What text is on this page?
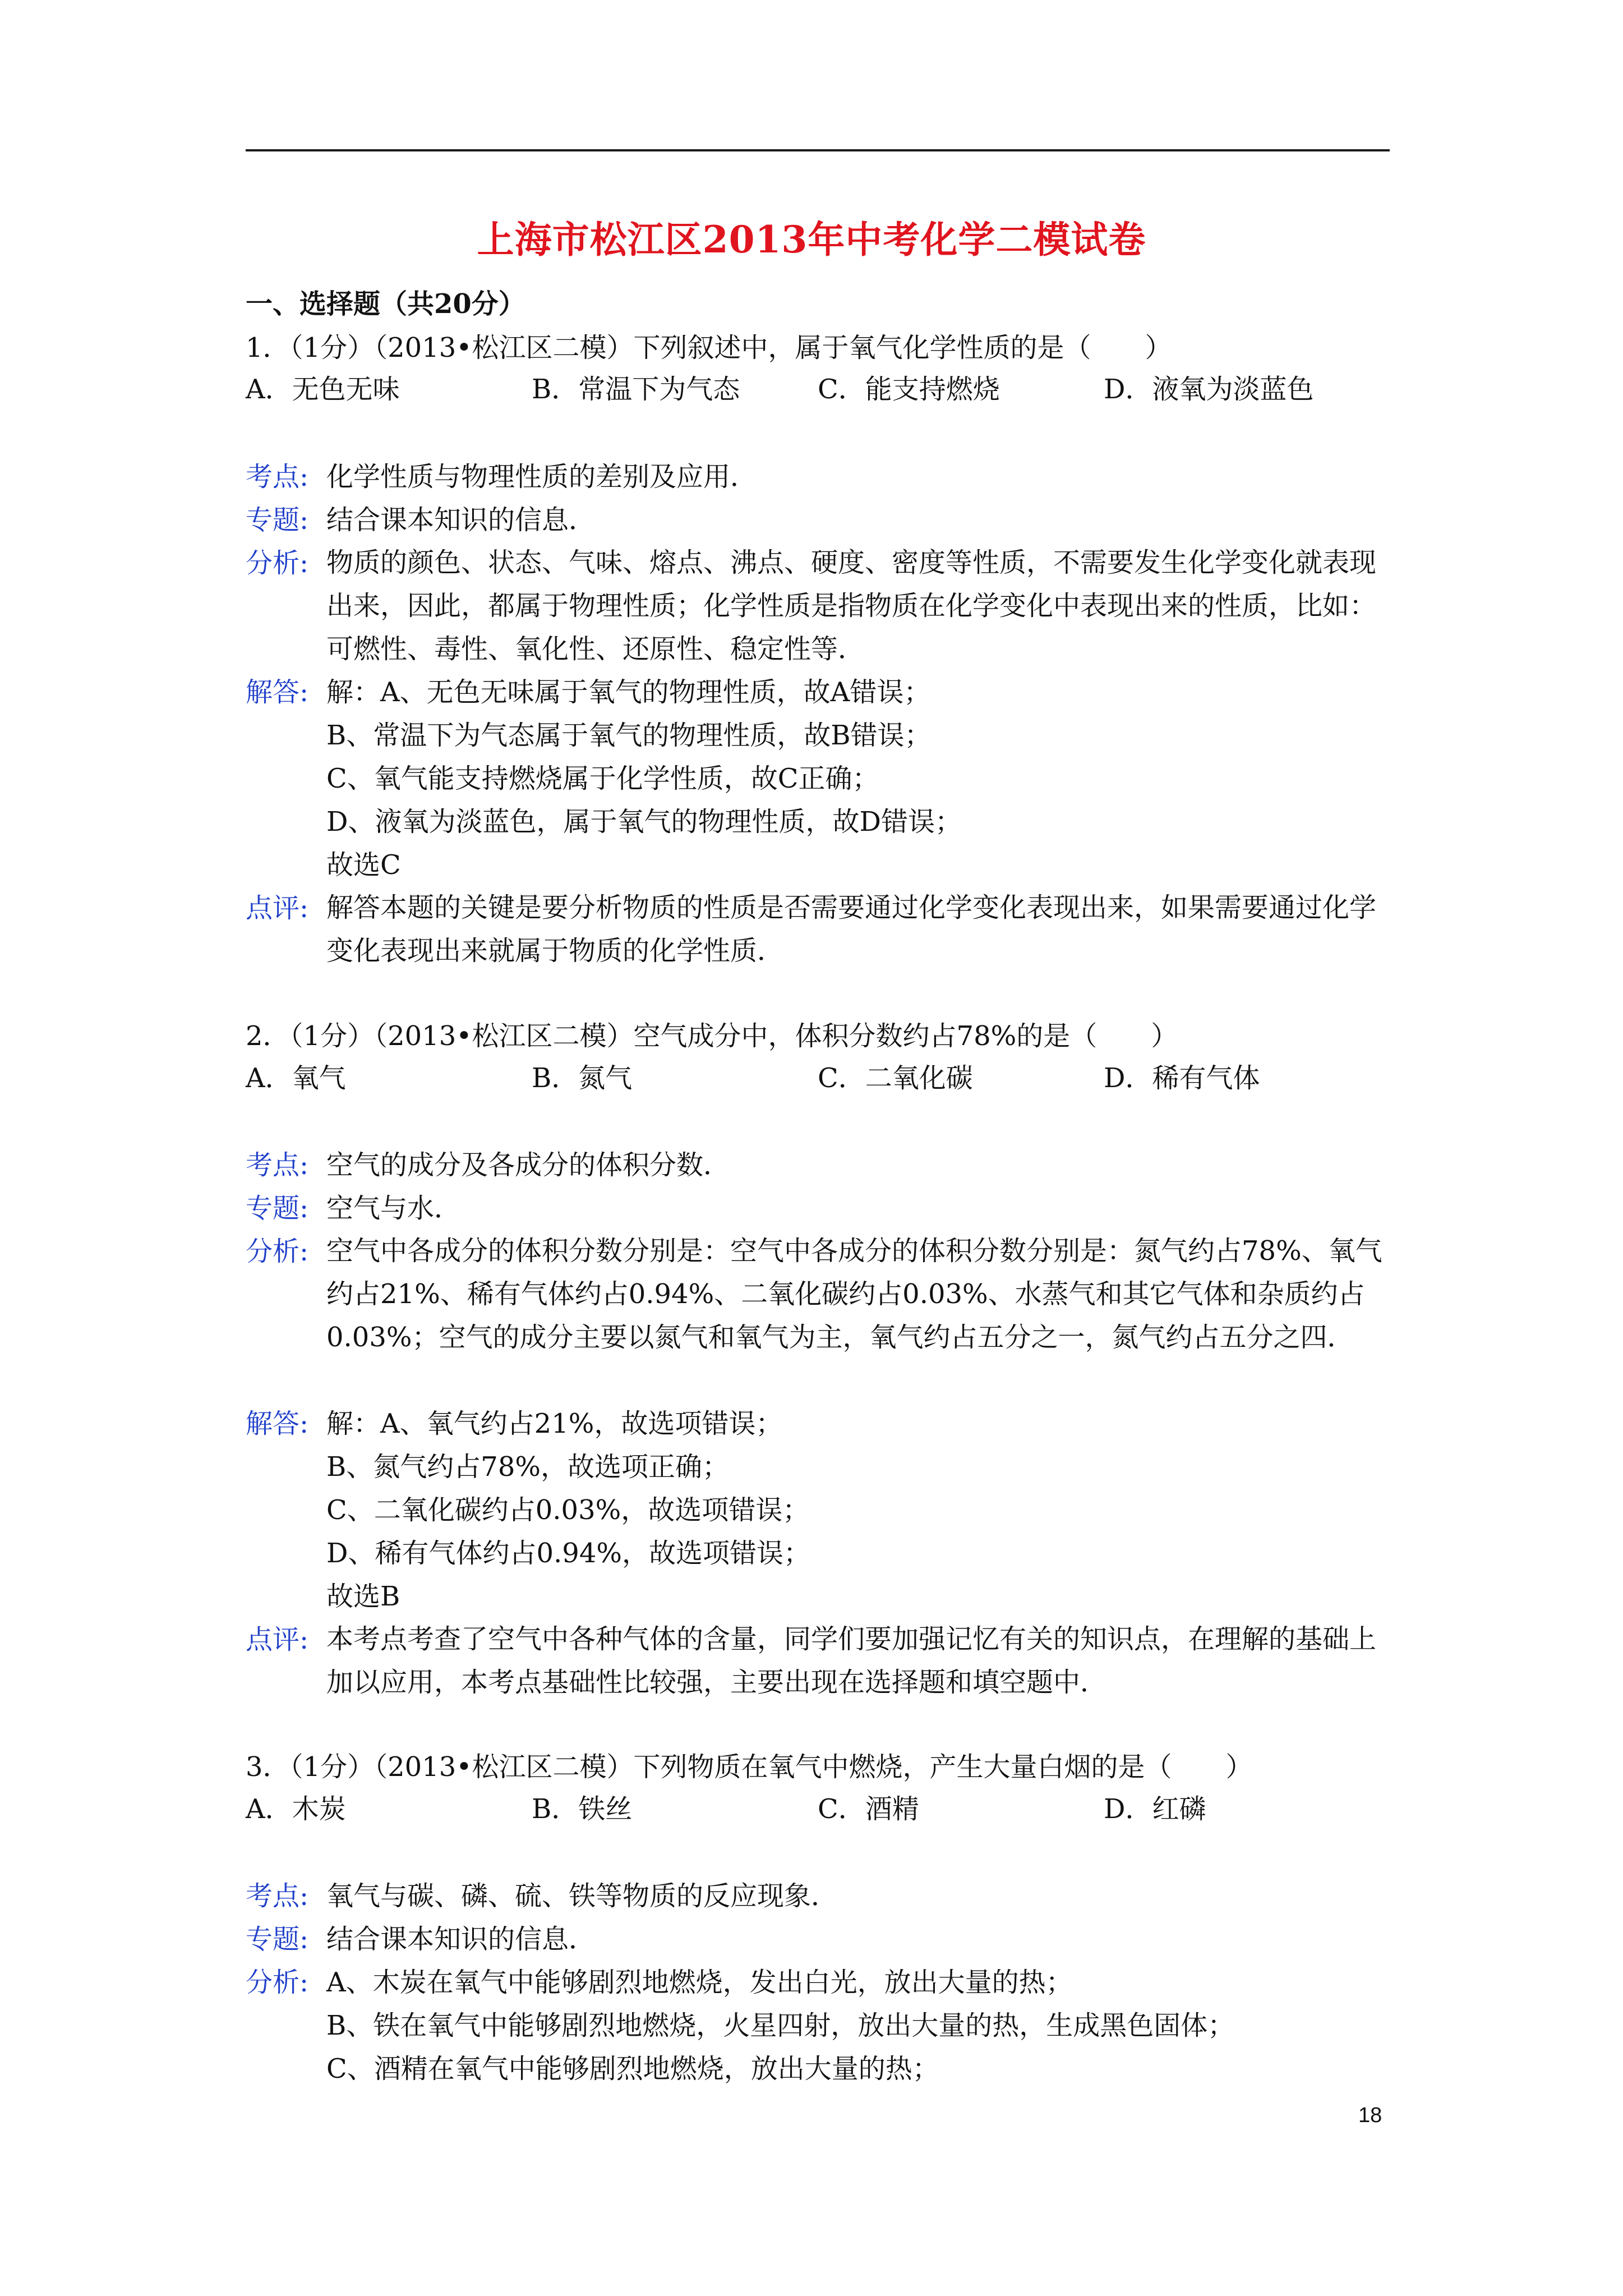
上海市松江区2013年中考化学二模试卷
一、选择题（共20分）
1．（1分）（2013•松江区二模）下列叙述中，属于氧气化学性质的是（　　）
A．无色无味	B．常温下为气态	C．能支持燃烧	D．液氧为淡蓝色
考点: 化学性质与物理性质的差别及应用．
专题: 结合课本知识的信息．
分析: 物质的颜色、状态、气味、熔点、沸点、硬度、密度等性质，不需要发生化学变化就表现出来，因此，都属于物理性质；化学性质是指物质在化学变化中表现出来的性质，比如：可燃性、毒性、氧化性、还原性、稳定性等．
解答: 解：A、无色无味属于氧气的物理性质，故A错误；
B、常温下为气态属于氧气的物理性质，故B错误；
C、氧气能支持燃烧属于化学性质，故C正确；
D、液氧为淡蓝色，属于氧气的物理性质，故D错误；
故选C
点评: 解答本题的关键是要分析物质的性质是否需要通过化学变化表现出来，如果需要通过化学变化表现出来就属于物质的化学性质．
2．（1分）（2013•松江区二模）空气成分中，体积分数约占78%的是（　　）
A．氧气	B．氮气	C．二氧化碳	D．稀有气体
考点: 空气的成分及各成分的体积分数．
专题: 空气与水．
分析: 空气中各成分的体积分数分别是：空气中各成分的体积分数分别是：氮气约占78%、氧气约占21%、稀有气体约占0.94%、二氧化碳约占0.03%、水蒸气和其它气体和杂质约占0.03%；空气的成分主要以氮气和氧气为主，氧气约占五分之一，氮气约占五分之四．
解答: 解：A、氧气约占21%，故选项错误；
B、氮气约占78%，故选项正确；
C、二氧化碳约占0.03%，故选项错误；
D、稀有气体约占0.94%，故选项错误；
故选B
点评: 本考点考查了空气中各种气体的含量，同学们要加强记忆有关的知识点，在理解的基础上加以应用，本考点基础性比较强，主要出现在选择题和填空题中．
3．（1分）（2013•松江区二模）下列物质在氧气中燃烧，产生大量白烟的是（　　）
A．木炭	B．铁丝	C．酒精	D．红磷
考点: 氧气与碳、磷、硫、铁等物质的反应现象．
专题: 结合课本知识的信息．
分析: A、木炭在氧气中能够剧烈地燃烧，发出白光，放出大量的热；
B、铁在氧气中能够剧烈地燃烧，火星四射，放出大量的热，生成黑色固体；
C、酒精在氧气中能够剧烈地燃烧，放出大量的热；
18
